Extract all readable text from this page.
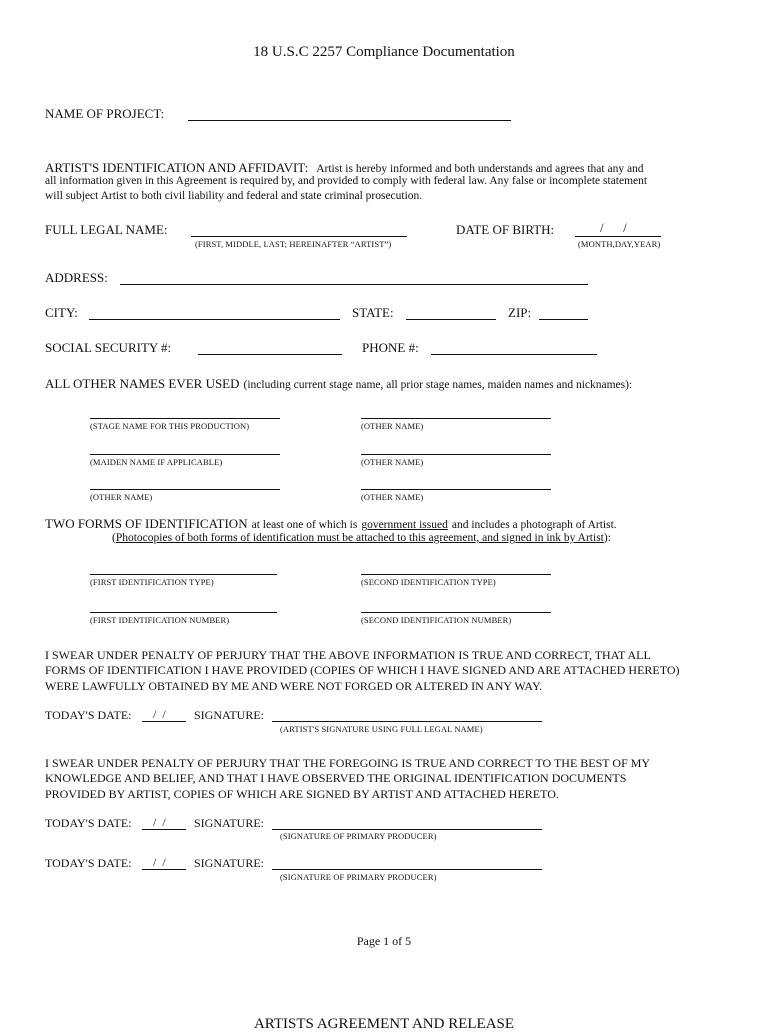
18 U.S.C 2257 Compliance Documentation
NAME OF PROJECT:
ARTIST'S IDENTIFICATION AND AFFIDAVIT: Artist is hereby informed and both understands and agrees that any and
all information given in this Agreement is required by, and provided to comply with federal law. Any false or incomplete statement
will subject Artist to both civil liability and federal and state criminal prosecution.
FULL LEGAL NAME:
(FIRST, MIDDLE, LAST; HEREINAFTER “ARTIST”)
DATE OF BIRTH:	/      /
(MONTH,DAY,YEAR)
ADDRESS:
CITY:	STATE:	ZIP:
SOCIAL SECURITY #:	PHONE #:
ALL OTHER NAMES EVER USED (including current stage name, all prior stage names, maiden names and nicknames):
(STAGE NAME FOR THIS PRODUCTION)	(OTHER NAME)
(MAIDEN NAME IF APPLICABLE)	(OTHER NAME)
(OTHER NAME)	(OTHER NAME)
TWO FORMS OF IDENTIFICATION at least one of which is government issued and includes a photograph of Artist.
(Photocopies of both forms of identification must be attached to this agreement, and signed in ink by Artist):
(FIRST IDENTIFICATION TYPE)	(SECOND IDENTIFICATION TYPE)
(FIRST IDENTIFICATION NUMBER)	(SECOND IDENTIFICATION NUMBER)
I SWEAR UNDER PENALTY OF PERJURY THAT THE ABOVE INFORMATION IS TRUE AND CORRECT, THAT ALL
FORMS OF IDENTIFICATION I HAVE PROVIDED (COPIES OF WHICH I HAVE SIGNED AND ARE ATTACHED HERETO)
WERE LAWFULLY OBTAINED BY ME AND WERE NOT FORGED OR ALTERED IN ANY WAY.
TODAY'S DATE: /  / SIGNATURE:
(ARTIST'S SIGNATURE USING FULL LEGAL NAME)
I SWEAR UNDER PENALTY OF PERJURY THAT THE FOREGOING IS TRUE AND CORRECT TO THE BEST OF MY
KNOWLEDGE AND BELIEF, AND THAT I HAVE OBSERVED THE ORIGINAL IDENTIFICATION DOCUMENTS
PROVIDED BY ARTIST, COPIES OF WHICH ARE SIGNED BY ARTIST AND ATTACHED HERETO.
TODAY'S DATE: /  / SIGNATURE:
(SIGNATURE OF PRIMARY PRODUCER)
TODAY'S DATE: /  / SIGNATURE:
(SIGNATURE OF PRIMARY PRODUCER)
Page 1 of 5
ARTISTS AGREEMENT AND RELEASE
